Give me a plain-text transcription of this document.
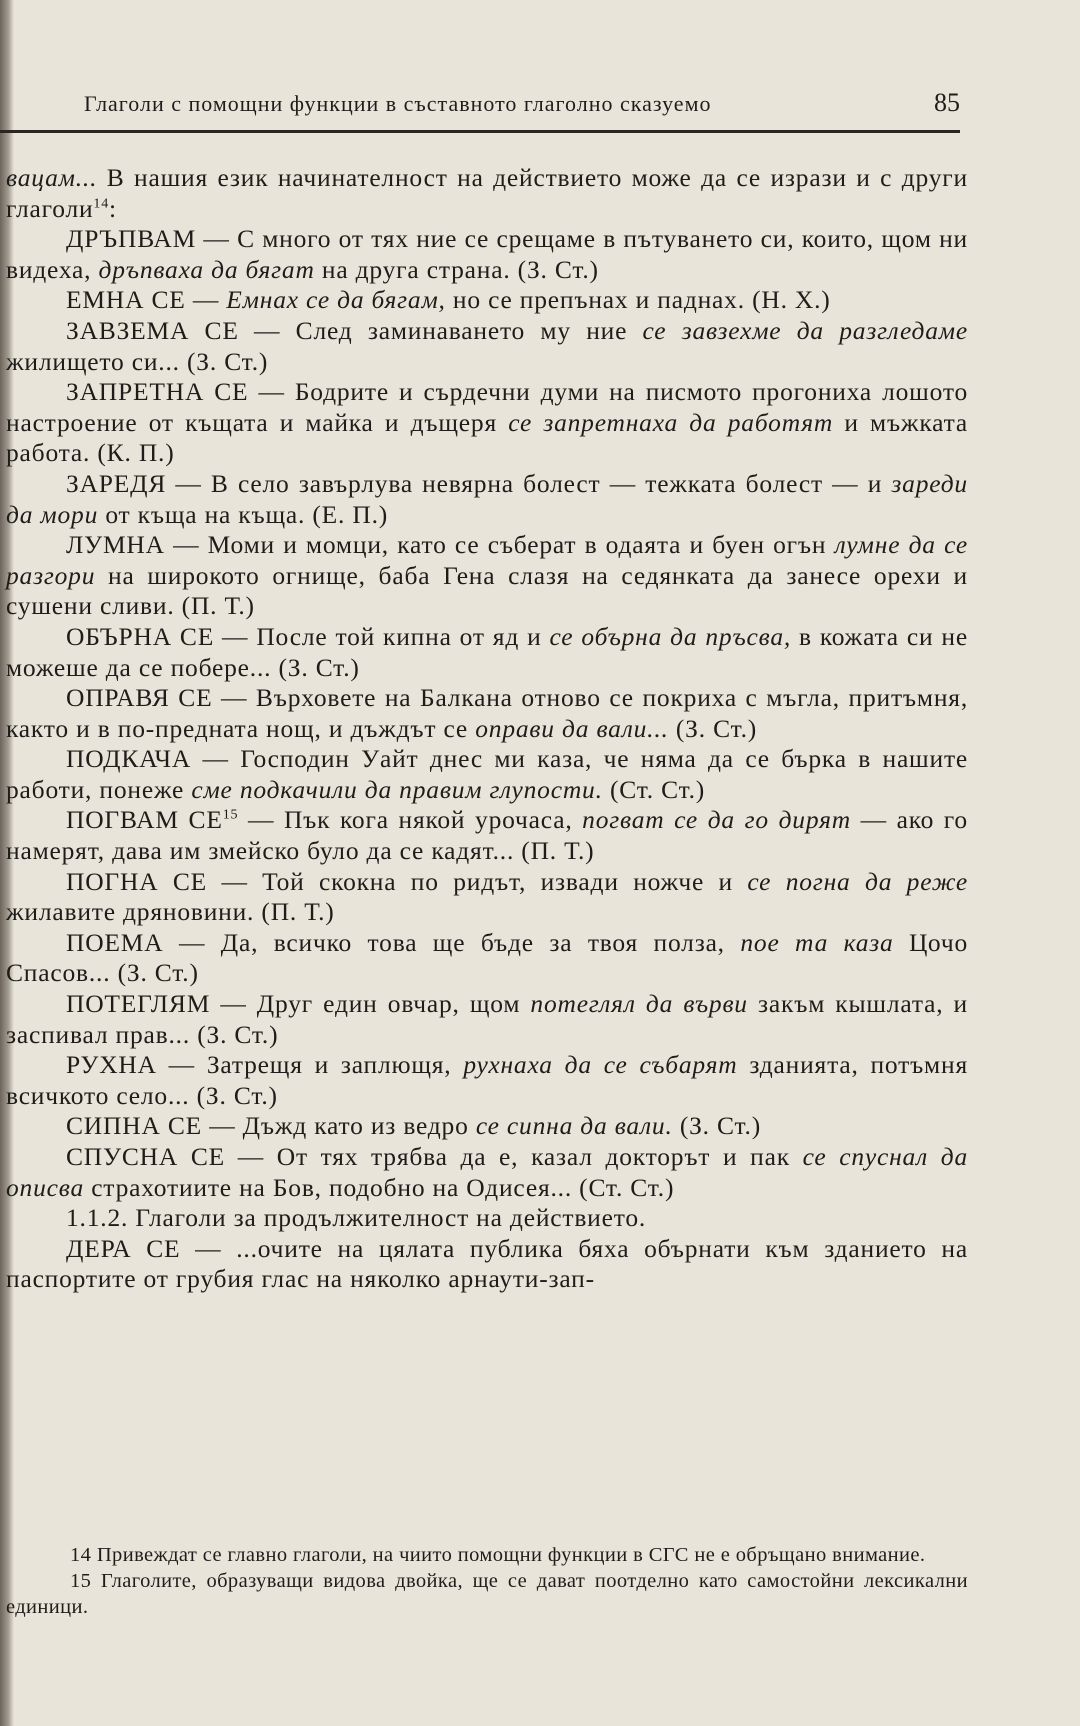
Глаголи с помощни функции в съставното глаголно сказуемо	85

вацам... В нашия език начинателност на действието може да се изрази и с други глаголи$^{14}$:

ДРЪПВАМ — С много от тях ние се срещаме в пътуването си, които, щом ни видеха, дръпваха да бягат на друга страна. (З. Ст.)

ЕМНА СЕ — Емнах се да бягам, но се препънах и паднах. (Н. Х.)

ЗАВЗЕМА СЕ — След заминаването му ние се завзехме да разгледаме жилището си... (З. Ст.)

ЗАПРЕТНА СЕ — Бодрите и сърдечни думи на писмото прогониха лошото настроение от къщата и майка и дъщеря се запретнаха да работят и мъжката работа. (К. П.)

ЗАРЕДЯ — В село завърлува невярна болест — тежката болест — и зареди да мори от къща на къща. (Е. П.)

ЛУМНА — Моми и момци, като се съберат в одаята и буен огън лумне да се разгори на широкото огнище, баба Гена слазя на седянката да занесе орехи и сушени сливи. (П. Т.)

ОБЪРНА СЕ — После той кипна от яд и се обърна да пръсва, в кожата си не можеше да се побере... (З. Ст.)

ОПРАВЯ СЕ — Върховете на Балкана отново се покриха с мъгла, притъмня, както и в по-предната нощ, и дъждът се оправи да вали... (З. Ст.)

ПОДКАЧА — Господин Уайт днес ми каза, че няма да се бърка в нашите работи, понеже сме подкачили да правим глупости. (Ст. Ст.)

ПОГВАМ СЕ$^{15}$ — Пък кога някой урочаса, погват се да го дирят — ако го намерят, дава им змейско було да се кадят... (П. Т.)

ПОГНА СЕ — Той скокна по ридът, извади ножче и се погна да реже жилавите дряновини. (П. Т.)

ПОЕМА — Да, всичко това ще бъде за твоя полза, пое та каза Цочо Спасов... (З. Ст.)

ПОТЕГЛЯМ — Друг един овчар, щом потеглял да върви закъм кышлата, и заспивал прав... (З. Ст.)

РУХНА — Затрещя и заплющя, рухнаха да се събарят зданията, потъмня всичкото село... (З. Ст.)

СИПНА СЕ — Дъжд като из ведро се сипна да вали. (З. Ст.)

СПУСНА СЕ — От тях трябва да е, казал докторът и пак се спуснал да описва страхотиите на Бов, подобно на Одисея... (Ст. Ст.)

1.1.2. Глаголи за продължителност на действието.

ДЕРА СЕ — ...очите на цялата публика бяха обърнати към зданието на паспортите от грубия глас на няколко арнаути-зап-

14 Привеждат се главно глаголи, на чиито помощни функции в СГС не е обръщано внимание.

15 Глаголите, образуващи видова двойка, ще се дават поотделно като самостойни лексикални единици.
